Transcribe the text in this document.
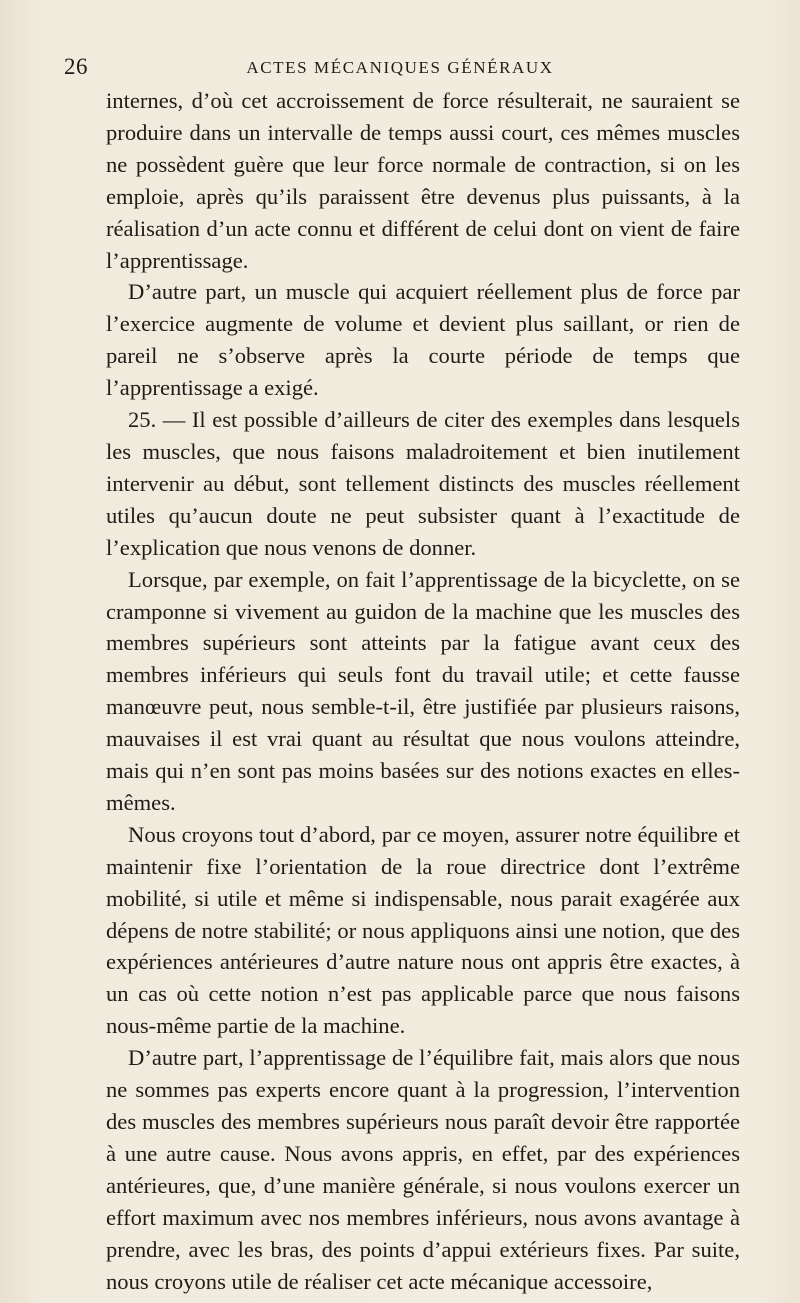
26	ACTES MÉCANIQUES GÉNÉRAUX

internes, d’où cet accroissement de force résulterait, ne sauraient se produire dans un intervalle de temps aussi court, ces mêmes muscles ne possèdent guère que leur force normale de contraction, si on les emploie, après qu’ils paraissent être devenus plus puissants, à la réalisation d’un acte connu et différent de celui dont on vient de faire l’apprentissage.

D’autre part, un muscle qui acquiert réellement plus de force par l’exercice augmente de volume et devient plus saillant, or rien de pareil ne s’observe après la courte période de temps que l’apprentissage a exigé.

25. — Il est possible d’ailleurs de citer des exemples dans lesquels les muscles, que nous faisons maladroitement et bien inutilement intervenir au début, sont tellement distincts des muscles réellement utiles qu’aucun doute ne peut subsister quant à l’exactitude de l’explication que nous venons de donner.

Lorsque, par exemple, on fait l’apprentissage de la bicyclette, on se cramponne si vivement au guidon de la machine que les muscles des membres supérieurs sont atteints par la fatigue avant ceux des membres inférieurs qui seuls font du travail utile; et cette fausse manœuvre peut, nous semble-t-il, être justifiée par plusieurs raisons, mauvaises il est vrai quant au résultat que nous voulons atteindre, mais qui n’en sont pas moins basées sur des notions exactes en elles-mêmes.

Nous croyons tout d’abord, par ce moyen, assurer notre équilibre et maintenir fixe l’orientation de la roue directrice dont l’extrême mobilité, si utile et même si indispensable, nous parait exagérée aux dépens de notre stabilité; or nous appliquons ainsi une notion, que des expériences antérieures d’autre nature nous ont appris être exactes, à un cas où cette notion n’est pas applicable parce que nous faisons nous-même partie de la machine.

D’autre part, l’apprentissage de l’équilibre fait, mais alors que nous ne sommes pas experts encore quant à la progression, l’intervention des muscles des membres supérieurs nous paraît devoir être rapportée à une autre cause. Nous avons appris, en effet, par des expériences antérieures, que, d’une manière générale, si nous voulons exercer un effort maximum avec nos membres inférieurs, nous avons avantage à prendre, avec les bras, des points d’appui extérieurs fixes. Par suite, nous croyons utile de réaliser cet acte mécanique accessoire,
